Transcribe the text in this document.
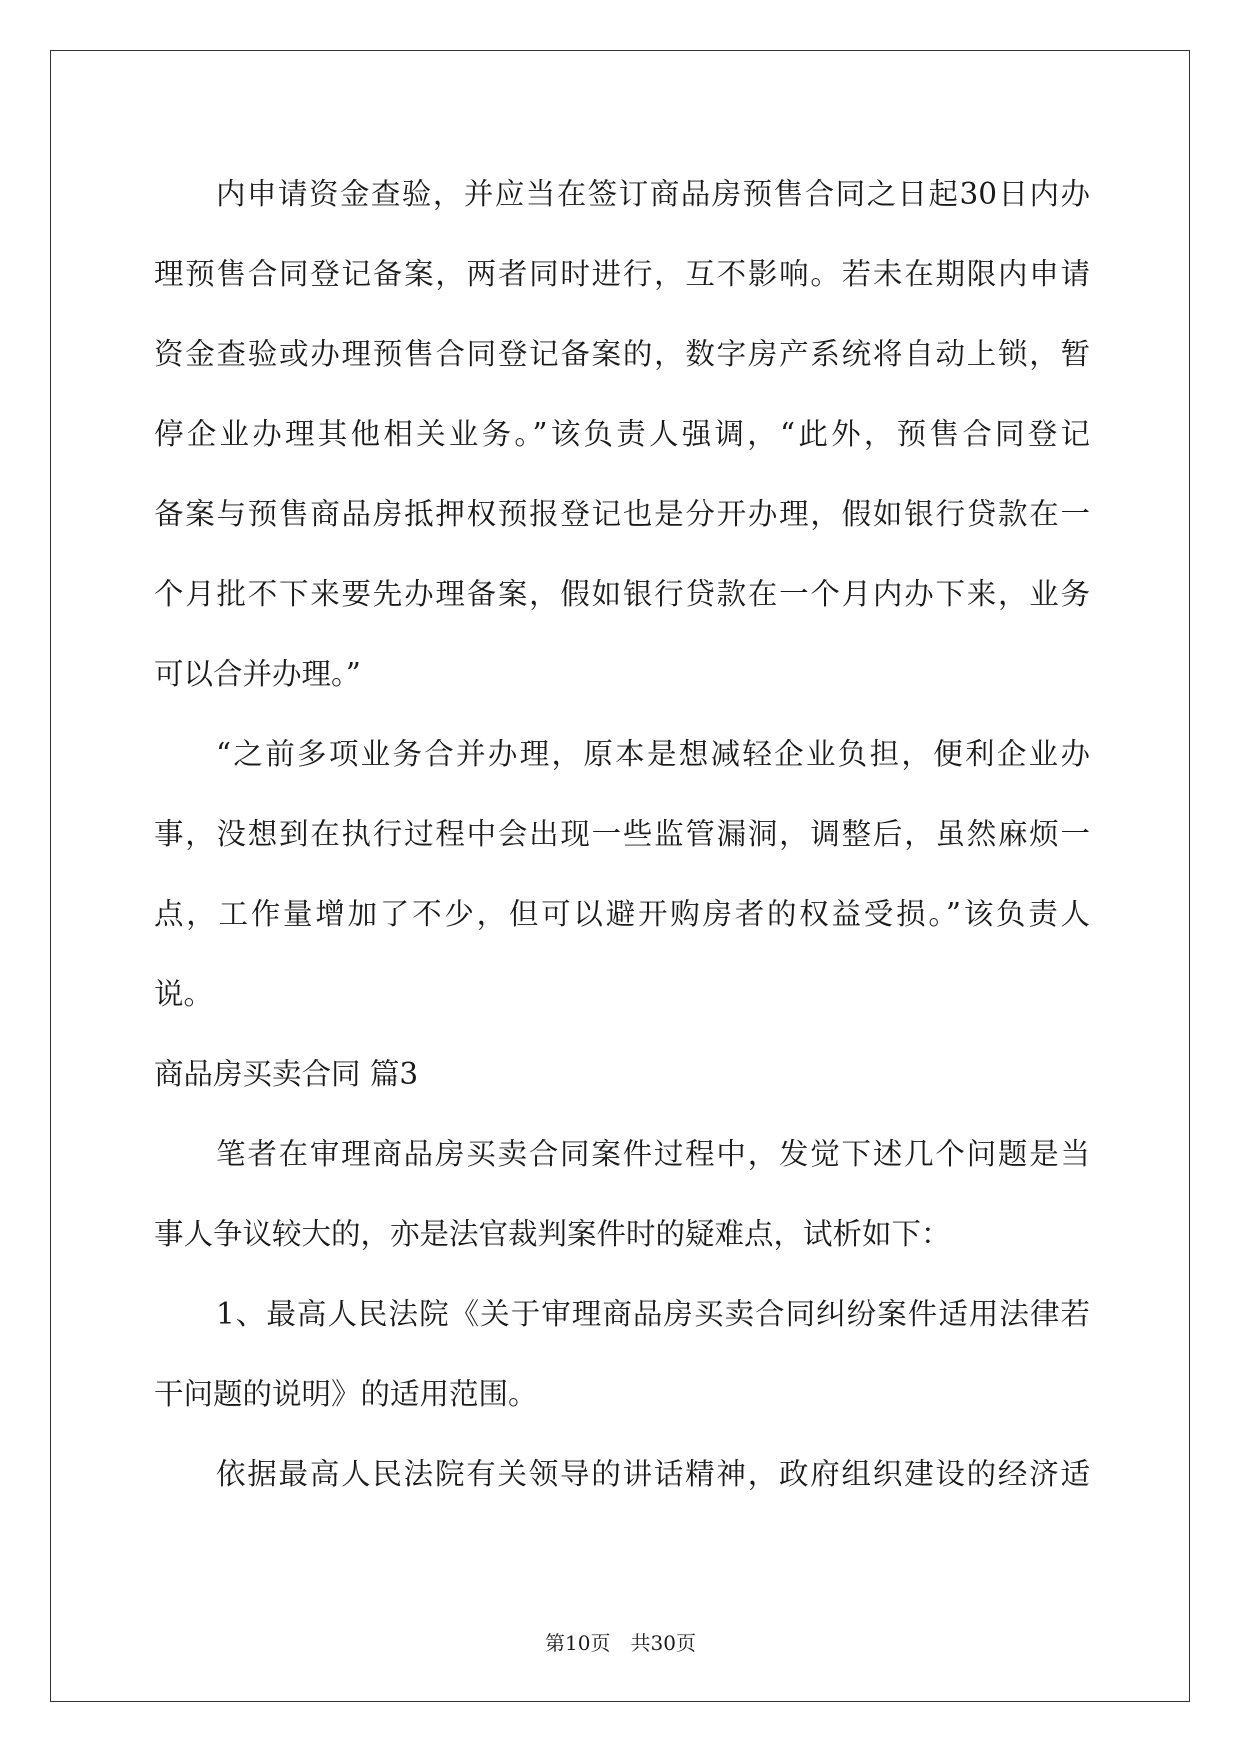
内申请资金查验，并应当在签订商品房预售合同之日起30日内办
理预售合同登记备案，两者同时进行，互不影响。若未在期限内申请
资金查验或办理预售合同登记备案的，数字房产系统将自动上锁，暂
停企业办理其他相关业务。”该负责人强调，“此外，预售合同登记
备案与预售商品房抵押权预报登记也是分开办理，假如银行贷款在一
个月批不下来要先办理备案，假如银行贷款在一个月内办下来，业务
可以合并办理。”
“之前多项业务合并办理，原本是想减轻企业负担，便利企业办
事，没想到在执行过程中会出现一些监管漏洞，调整后，虽然麻烦一
点，工作量增加了不少，但可以避开购房者的权益受损。”该负责人
说。
商品房买卖合同 篇3
笔者在审理商品房买卖合同案件过程中，发觉下述几个问题是当
事人争议较大的，亦是法官裁判案件时的疑难点，试析如下：
1、最高人民法院《关于审理商品房买卖合同纠纷案件适用法律若
干问题的说明》的适用范围。
依据最高人民法院有关领导的讲话精神，政府组织建设的经济适
第10页　共30页
